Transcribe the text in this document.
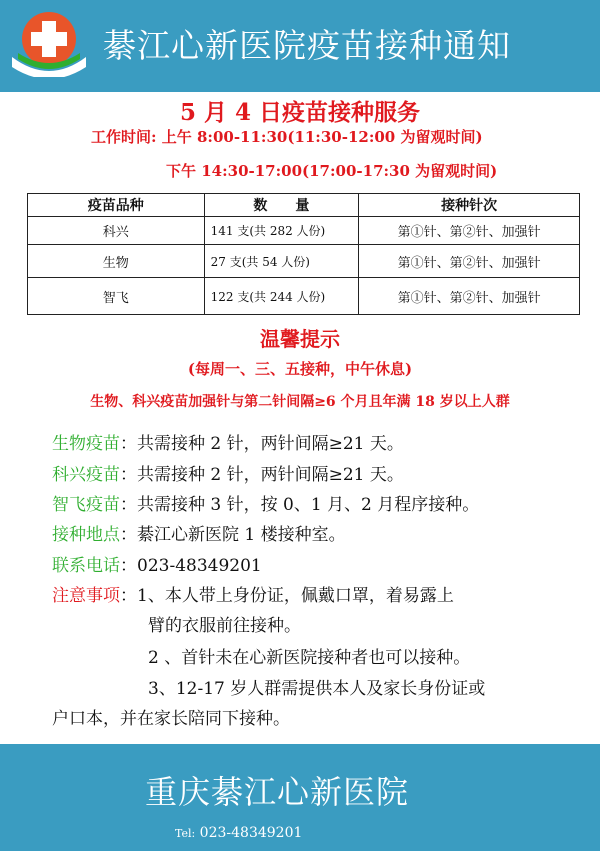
綦江心新医院疫苗接种通知
5 月 4 日疫苗接种服务
工作时间: 上午 8:00-11:30(11:30-12:00 为留观时间)
下午 14:30-17:00(17:00-17:30 为留观时间)
疫苗品种	数　　量	接种针次
科兴	141 支(共 282 人份)	第①针、第②针、加强针
生物	27 支(共 54 人份)	第①针、第②针、加强针
智飞	122 支(共 244 人份)	第①针、第②针、加强针
温馨提示
(每周一、三、五接种，中午休息)
生物、科兴疫苗加强针与第二针间隔≥6 个月且年满 18 岁以上人群
生物疫苗：共需接种 2 针，两针间隔≥21 天。
科兴疫苗：共需接种 2 针，两针间隔≥21 天。
智飞疫苗：共需接种 3 针，按 0、1 月、2 月程序接种。
接种地点：綦江心新医院 1 楼接种室。
联系电话：023-48349201
注意事项：1、本人带上身份证，佩戴口罩，着易露上
臂的衣服前往接种。
2 、首针未在心新医院接种者也可以接种。
3、12-17 岁人群需提供本人及家长身份证或
户口本，并在家长陪同下接种。
重庆綦江心新医院
Tel: 023-48349201
